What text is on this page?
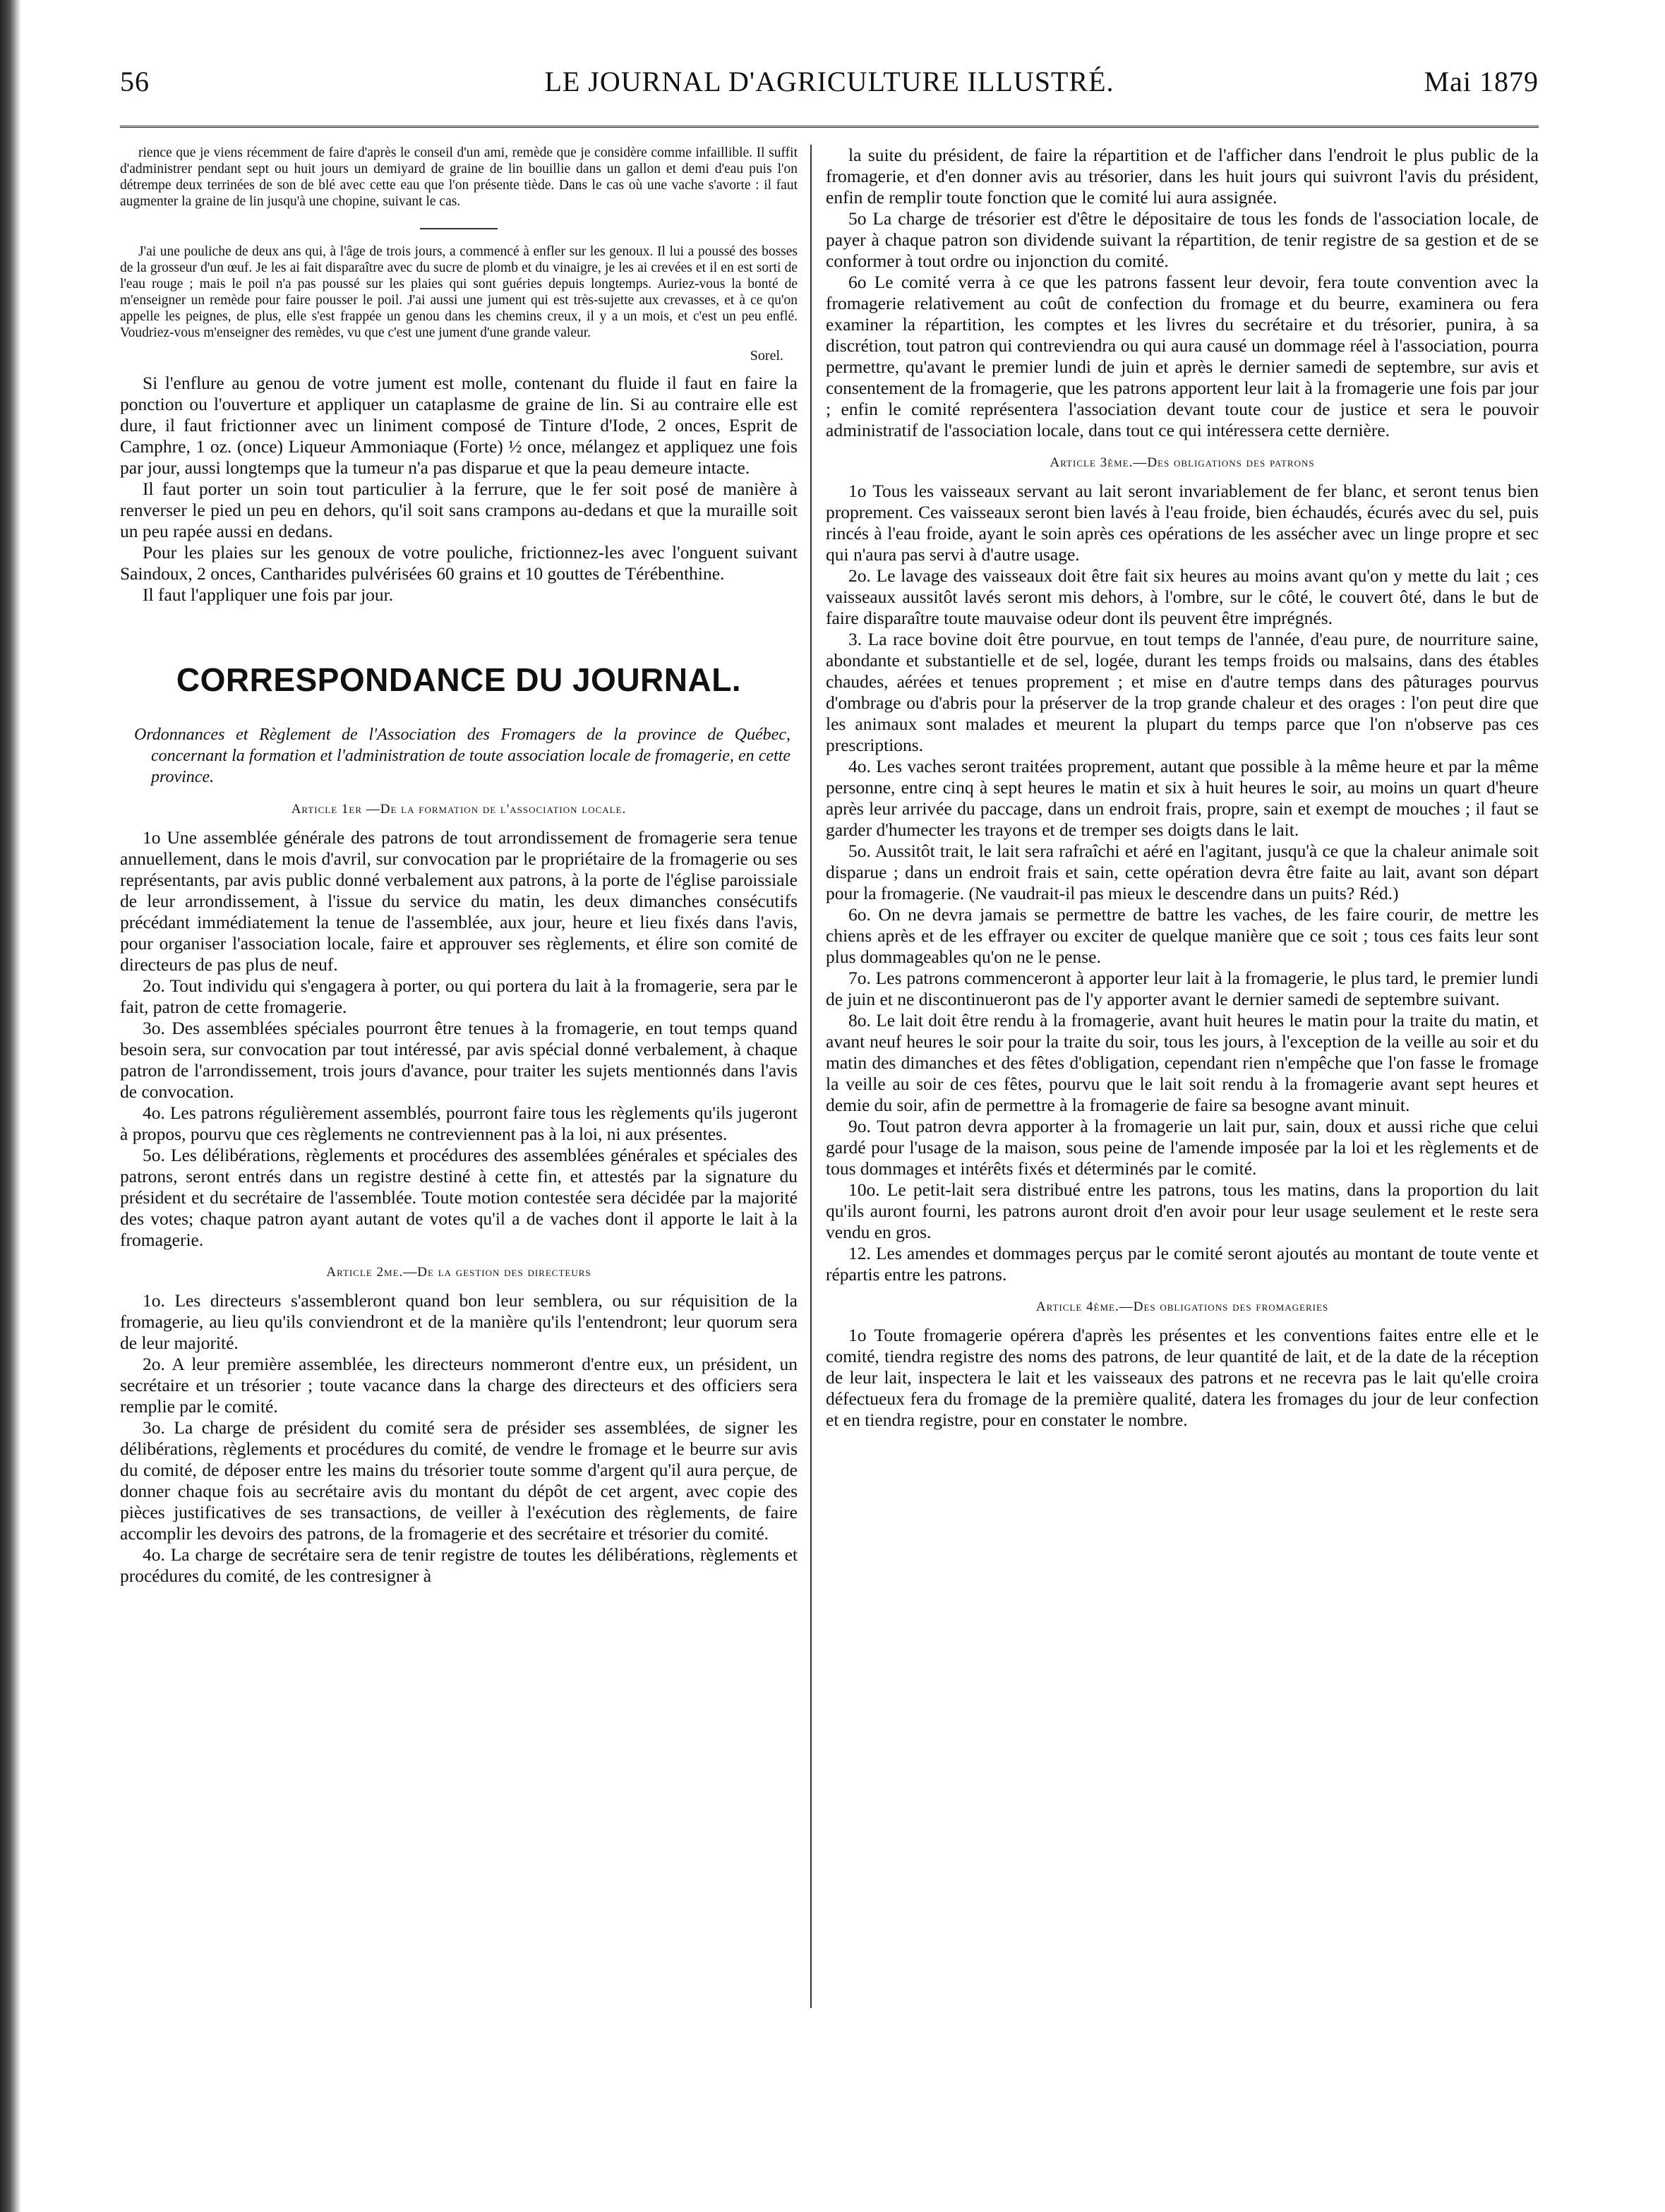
56	LE JOURNAL D'AGRICULTURE ILLUSTRÉ.	Mai 1879

rience que je viens récemment de faire d'après le conseil d'un ami, remède que je considère comme infaillible. Il suffit d'administrer pendant sept ou huit jours un demiyard de graine de lin bouillie dans un gallon et demi d'eau puis l'on détrempe deux terrinées de son de blé avec cette eau que l'on présente tiède. Dans le cas où une vache s'avorte : il faut augmenter la graine de lin jusqu'à une chopine, suivant le cas.

J'ai une pouliche de deux ans qui, à l'âge de trois jours, a commencé à enfler sur les genoux. Il lui a poussé des bosses de la grosseur d'un œuf. Je les ai fait disparaître avec du sucre de plomb et du vinaigre, je les ai crevées et il en est sorti de l'eau rouge ; mais le poil n'a pas poussé sur les plaies qui sont guéries depuis longtemps. Auriez-vous la bonté de m'enseigner un remède pour faire pousser le poil. J'ai aussi une jument qui est très-sujette aux crevasses, et à ce qu'on appelle les peignes, de plus, elle s'est frappée un genou dans les chemins creux, il y a un mois, et c'est un peu enflé. Voudriez-vous m'enseigner des remèdes, vu que c'est une jument d'une grande valeur.

Sorel.

Si l'enflure au genou de votre jument est molle, contenant du fluide il faut en faire la ponction ou l'ouverture et appliquer un cataplasme de graine de lin. Si au contraire elle est dure, il faut frictionner avec un liniment composé de Tinture d'Iode, 2 onces, Esprit de Camphre, 1 oz. (once) Liqueur Ammoniaque (Forte) ½ once, mélangez et appliquez une fois par jour, aussi longtemps que la tumeur n'a pas disparue et que la peau demeure intacte.

Il faut porter un soin tout particulier à la ferrure, que le fer soit posé de manière à renverser le pied un peu en dehors, qu'il soit sans crampons au-dedans et que la muraille soit un peu rapée aussi en dedans.

Pour les plaies sur les genoux de votre pouliche, frictionnez-les avec l'onguent suivant Saindoux, 2 onces, Cantharides pulvérisées 60 grains et 10 gouttes de Térébenthine.

Il faut l'appliquer une fois par jour.

CORRESPONDANCE DU JOURNAL.
Ordonnances et Règlement de l'Association des Fromagers de la province de Québec, concernant la formation et l'administration de toute association locale de fromagerie, en cette province.
Article 1er —De la formation de l'association locale.

1o Une assemblée générale des patrons de tout arrondissement de fromagerie sera tenue annuellement, dans le mois d'avril, sur convocation par le propriétaire de la fromagerie ou ses représentants, par avis public donné verbalement aux patrons, à la porte de l'église paroissiale de leur arrondissement, à l'issue du service du matin, les deux dimanches consécutifs précédant immédiatement la tenue de l'assemblée, aux jour, heure et lieu fixés dans l'avis, pour organiser l'association locale, faire et approuver ses règlements, et élire son comité de directeurs de pas plus de neuf.

2o. Tout individu qui s'engagera à porter, ou qui portera du lait à la fromagerie, sera par le fait, patron de cette fromagerie.

3o. Des assemblées spéciales pourront être tenues à la fromagerie, en tout temps quand besoin sera, sur convocation par tout intéressé, par avis spécial donné verbalement, à chaque patron de l'arrondissement, trois jours d'avance, pour traiter les sujets mentionnés dans l'avis de convocation.

4o. Les patrons régulièrement assemblés, pourront faire tous les règlements qu'ils jugeront à propos, pourvu que ces règlements ne contreviennent pas à la loi, ni aux présentes.

5o. Les délibérations, règlements et procédures des assemblées générales et spéciales des patrons, seront entrés dans un registre destiné à cette fin, et attestés par la signature du président et du secrétaire de l'assemblée. Toute motion contestée sera décidée par la majorité des votes; chaque patron ayant autant de votes qu'il a de vaches dont il apporte le lait à la fromagerie.

Article 2me.—De la gestion des directeurs

1o. Les directeurs s'assembleront quand bon leur semblera, ou sur réquisition de la fromagerie, au lieu qu'ils conviendront et de la manière qu'ils l'entendront; leur quorum sera de leur majorité.

2o. A leur première assemblée, les directeurs nommeront d'entre eux, un président, un secrétaire et un trésorier ; toute vacance dans la charge des directeurs et des officiers sera remplie par le comité.

3o. La charge de président du comité sera de présider ses assemblées, de signer les délibérations, règlements et procédures du comité, de vendre le fromage et le beurre sur avis du comité, de déposer entre les mains du trésorier toute somme d'argent qu'il aura perçue, de donner chaque fois au secrétaire avis du montant du dépôt de cet argent, avec copie des pièces justificatives de ses transactions, de veiller à l'exécution des règlements, de faire accomplir les devoirs des patrons, de la fromagerie et des secrétaire et trésorier du comité.

4o. La charge de secrétaire sera de tenir registre de toutes les délibérations, règlements et procédures du comité, de les contresigner à

la suite du président, de faire la répartition et de l'afficher dans l'endroit le plus public de la fromagerie, et d'en donner avis au trésorier, dans les huit jours qui suivront l'avis du président, enfin de remplir toute fonction que le comité lui aura assignée.

5o La charge de trésorier est d'être le dépositaire de tous les fonds de l'association locale, de payer à chaque patron son dividende suivant la répartition, de tenir registre de sa gestion et de se conformer à tout ordre ou injonction du comité.

6o Le comité verra à ce que les patrons fassent leur devoir, fera toute convention avec la fromagerie relativement au coût de confection du fromage et du beurre, examinera ou fera examiner la répartition, les comptes et les livres du secrétaire et du trésorier, punira, à sa discrétion, tout patron qui contreviendra ou qui aura causé un dommage réel à l'association, pourra permettre, qu'avant le premier lundi de juin et après le dernier samedi de septembre, sur avis et consentement de la fromagerie, que les patrons apportent leur lait à la fromagerie une fois par jour ; enfin le comité représentera l'association devant toute cour de justice et sera le pouvoir administratif de l'association locale, dans tout ce qui intéressera cette dernière.

Article 3ème.—Des obligations des patrons

1o Tous les vaisseaux servant au lait seront invariablement de fer blanc, et seront tenus bien proprement. Ces vaisseaux seront bien lavés à l'eau froide, bien échaudés, écurés avec du sel, puis rincés à l'eau froide, ayant le soin après ces opérations de les assécher avec un linge propre et sec qui n'aura pas servi à d'autre usage.

2o. Le lavage des vaisseaux doit être fait six heures au moins avant qu'on y mette du lait ; ces vaisseaux aussitôt lavés seront mis dehors, à l'ombre, sur le côté, le couvert ôté, dans le but de faire disparaître toute mauvaise odeur dont ils peuvent être imprégnés.

3. La race bovine doit être pourvue, en tout temps de l'année, d'eau pure, de nourriture saine, abondante et substantielle et de sel, logée, durant les temps froids ou malsains, dans des étables chaudes, aérées et tenues proprement ; et mise en d'autre temps dans des pâturages pourvus d'ombrage ou d'abris pour la préserver de la trop grande chaleur et des orages : l'on peut dire que les animaux sont malades et meurent la plupart du temps parce que l'on n'observe pas ces prescriptions.

4o. Les vaches seront traitées proprement, autant que possible à la même heure et par la même personne, entre cinq à sept heures le matin et six à huit heures le soir, au moins un quart d'heure après leur arrivée du paccage, dans un endroit frais, propre, sain et exempt de mouches ; il faut se garder d'humecter les trayons et de tremper ses doigts dans le lait.

5o. Aussitôt trait, le lait sera rafraîchi et aéré en l'agitant, jusqu'à ce que la chaleur animale soit disparue ; dans un endroit frais et sain, cette opération devra être faite au lait, avant son départ pour la fromagerie. (Ne vaudrait-il pas mieux le descendre dans un puits? Réd.)

6o. On ne devra jamais se permettre de battre les vaches, de les faire courir, de mettre les chiens après et de les effrayer ou exciter de quelque manière que ce soit ; tous ces faits leur sont plus dommageables qu'on ne le pense.

7o. Les patrons commenceront à apporter leur lait à la fromagerie, le plus tard, le premier lundi de juin et ne discontinueront pas de l'y apporter avant le dernier samedi de septembre suivant.

8o. Le lait doit être rendu à la fromagerie, avant huit heures le matin pour la traite du matin, et avant neuf heures le soir pour la traite du soir, tous les jours, à l'exception de la veille au soir et du matin des dimanches et des fêtes d'obligation, cependant rien n'empêche que l'on fasse le fromage la veille au soir de ces fêtes, pourvu que le lait soit rendu à la fromagerie avant sept heures et demie du soir, afin de permettre à la fromagerie de faire sa besogne avant minuit.

9o. Tout patron devra apporter à la fromagerie un lait pur, sain, doux et aussi riche que celui gardé pour l'usage de la maison, sous peine de l'amende imposée par la loi et les règlements et de tous dommages et intérêts fixés et déterminés par le comité.

10o. Le petit-lait sera distribué entre les patrons, tous les matins, dans la proportion du lait qu'ils auront fourni, les patrons auront droit d'en avoir pour leur usage seulement et le reste sera vendu en gros.

12. Les amendes et dommages perçus par le comité seront ajoutés au montant de toute vente et répartis entre les patrons.

Article 4ème.—Des obligations des fromageries

1o Toute fromagerie opérera d'après les présentes et les conventions faites entre elle et le comité, tiendra registre des noms des patrons, de leur quantité de lait, et de la date de la réception de leur lait, inspectera le lait et les vaisseaux des patrons et ne recevra pas le lait qu'elle croira défectueux fera du fromage de la première qualité, datera les fromages du jour de leur confection et en tiendra registre, pour en constater le nombre.
